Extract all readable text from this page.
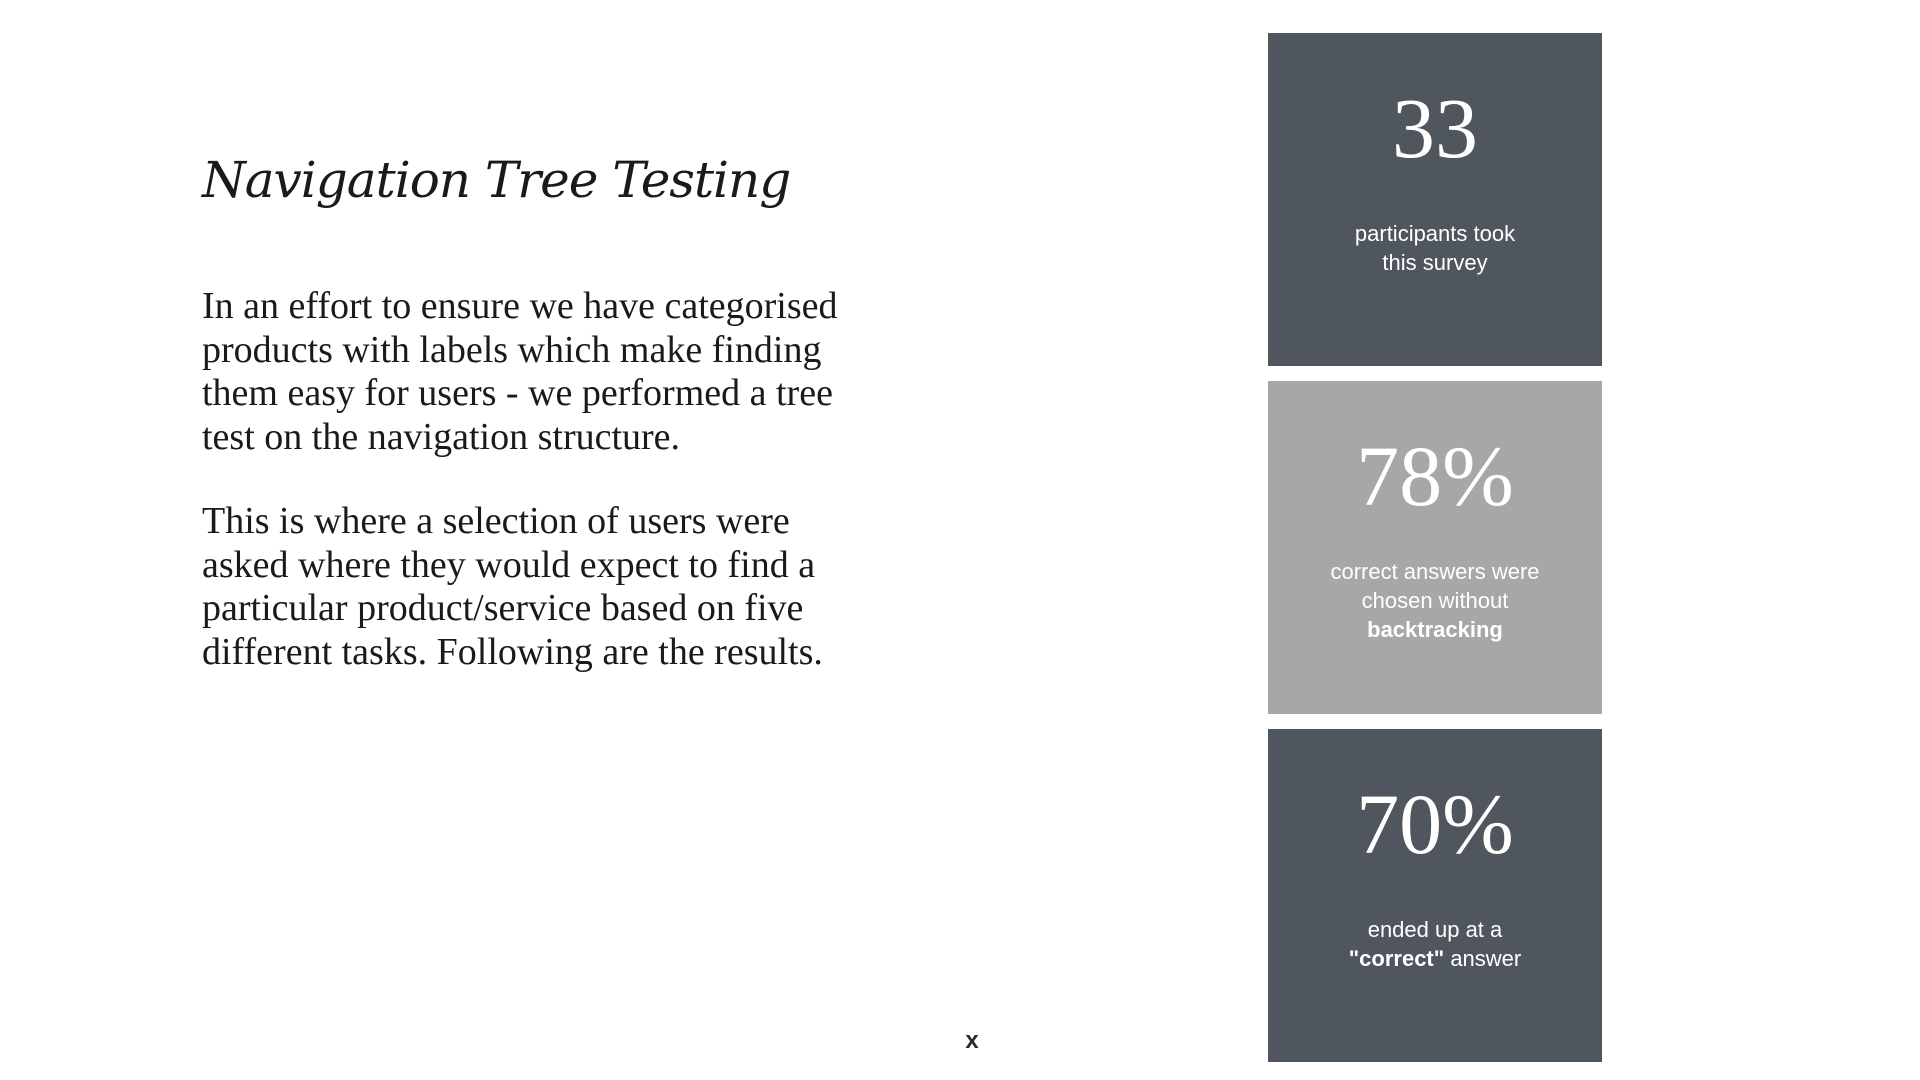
Navigation Tree Testing

In an effort to ensure we have categorised products with labels which make finding them easy for users - we performed a tree test on the navigation structure.

This is where a selection of users were asked where they would expect to find a particular product/service based on five different tasks. Following are the results.

33
participants took
this survey
78%
correct answers were
chosen without
backtracking
70%
ended up at a
"correct" answer
x
